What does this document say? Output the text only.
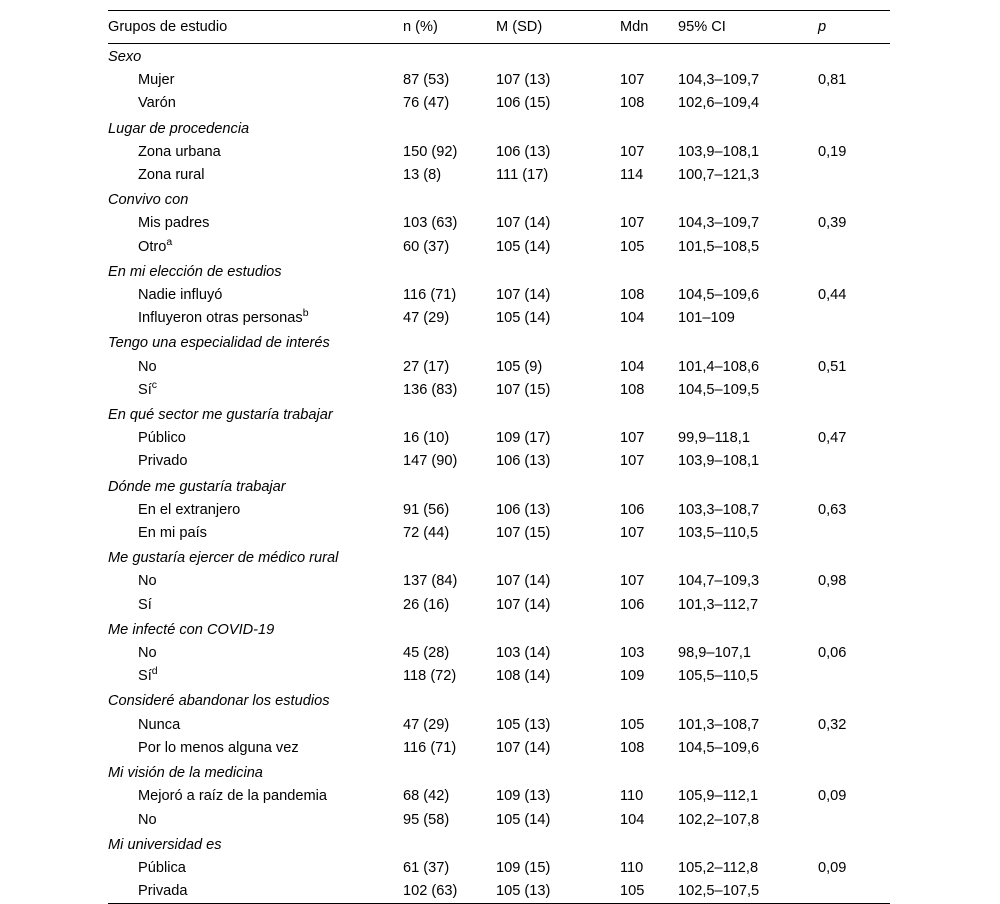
Grupos de estudio	n (%)	M (SD)	Mdn	95% CI	p
Sexo					
Mujer	87 (53)	107 (13)	107	104,3–109,7	0,81
Varón	76 (47)	106 (15)	108	102,6–109,4	
Lugar de procedencia					
Zona urbana	150 (92)	106 (13)	107	103,9–108,1	0,19
Zona rural	13 (8)	111 (17)	114	100,7–121,3	
Convivo con					
Mis padres	103 (63)	107 (14)	107	104,3–109,7	0,39
Otro$^a$	60 (37)	105 (14)	105	101,5–108,5	
En mi elección de estudios					
Nadie influyó	116 (71)	107 (14)	108	104,5–109,6	0,44
Influyeron otras personas$^b$	47 (29)	105 (14)	104	101–109	
Tengo una especialidad de interés					
No	27 (17)	105 (9)	104	101,4–108,6	0,51
$Sí^c$	136 (83)	107 (15)	108	104,5–109,5	
En qué sector me gustaría trabajar					
Público	16 (10)	109 (17)	107	99,9–118,1	0,47
Privado	147 (90)	106 (13)	107	103,9–108,1	
Dónde me gustaría trabajar					
En el extranjero	91 (56)	106 (13)	106	103,3–108,7	0,63
En mi país	72 (44)	107 (15)	107	103,5–110,5	
Me gustaría ejercer de médico rural					
No	137 (84)	107 (14)	107	104,7–109,3	0,98
Sí	26 (16)	107 (14)	106	101,3–112,7	
Me infecté con COVID-19					
No	45 (28)	103 (14)	103	98,9–107,1	0,06
$Sí^d$	118 (72)	108 (14)	109	105,5–110,5	
Consideré abandonar los estudios					
Nunca	47 (29)	105 (13)	105	101,3–108,7	0,32
Por lo menos alguna vez	116 (71)	107 (14)	108	104,5–109,6	
Mi visión de la medicina					
Mejoró a raíz de la pandemia	68 (42)	109 (13)	110	105,9–112,1	0,09
No	95 (58)	105 (14)	104	102,2–107,8	
Mi universidad es					
Pública	61 (37)	109 (15)	110	105,2–112,8	0,09
Privada	102 (63)	105 (13)	105	102,5–107,5	
